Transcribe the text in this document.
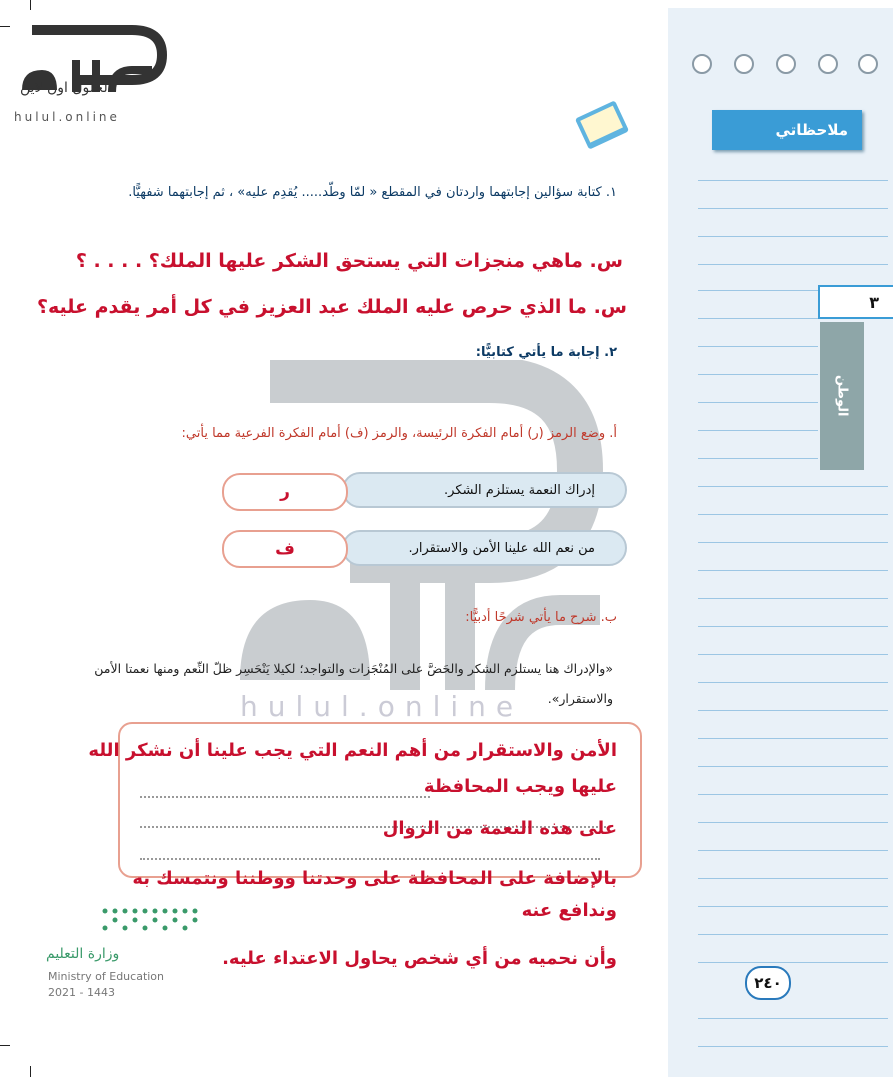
الحلول اون لاين
hulul.online
hulul.online
ملاحظاتي
٣
الوطن
٢٤٠
١. كتابة سؤالين إجابتهما واردتان في المقطع « لمّا وطّد..... يُقدِم عليه» ، ثم إجابتهما شفهيًّا.
س. ماهي منجزات التي يستحق الشكر عليها الملك؟ . . . . ؟
س. ما الذي حرص عليه الملك عبد العزيز في كل أمر يقدم عليه؟
٢. إجابة ما يأتي كتابيًّا:
أ. وضع الرمز (ر) أمام الفكرة الرئيسة، والرمز (ف) أمام الفكرة الفرعية مما يأتي:
إدراك النعمة يستلزم الشكر.
ر
من نعم الله علينا الأمن والاستقرار.
ف
ب. شرح ما يأتي شرحًا أدبيًّا:
«والإدراك هنا يستلزم الشكر والحَضَّ على المُنْجَزات والتواجد؛ لكيلا يَنْحَسِر ظلّ النِّعم ومنها نعمتا الأمن والاستقرار».
الأمن والاستقرار من أهم النعم التي يجب علينا أن نشكر الله
عليها ويجب المحافظة
على هذه النعمة من الزوال
بالإضافة على المحافظة على وحدتنا ووطننا ونتمسك به
وندافع عنه
وأن نحميه من أي شخص يحاول الاعتداء عليه.
وزارة التعليم
Ministry of Education
2021 - 1443
